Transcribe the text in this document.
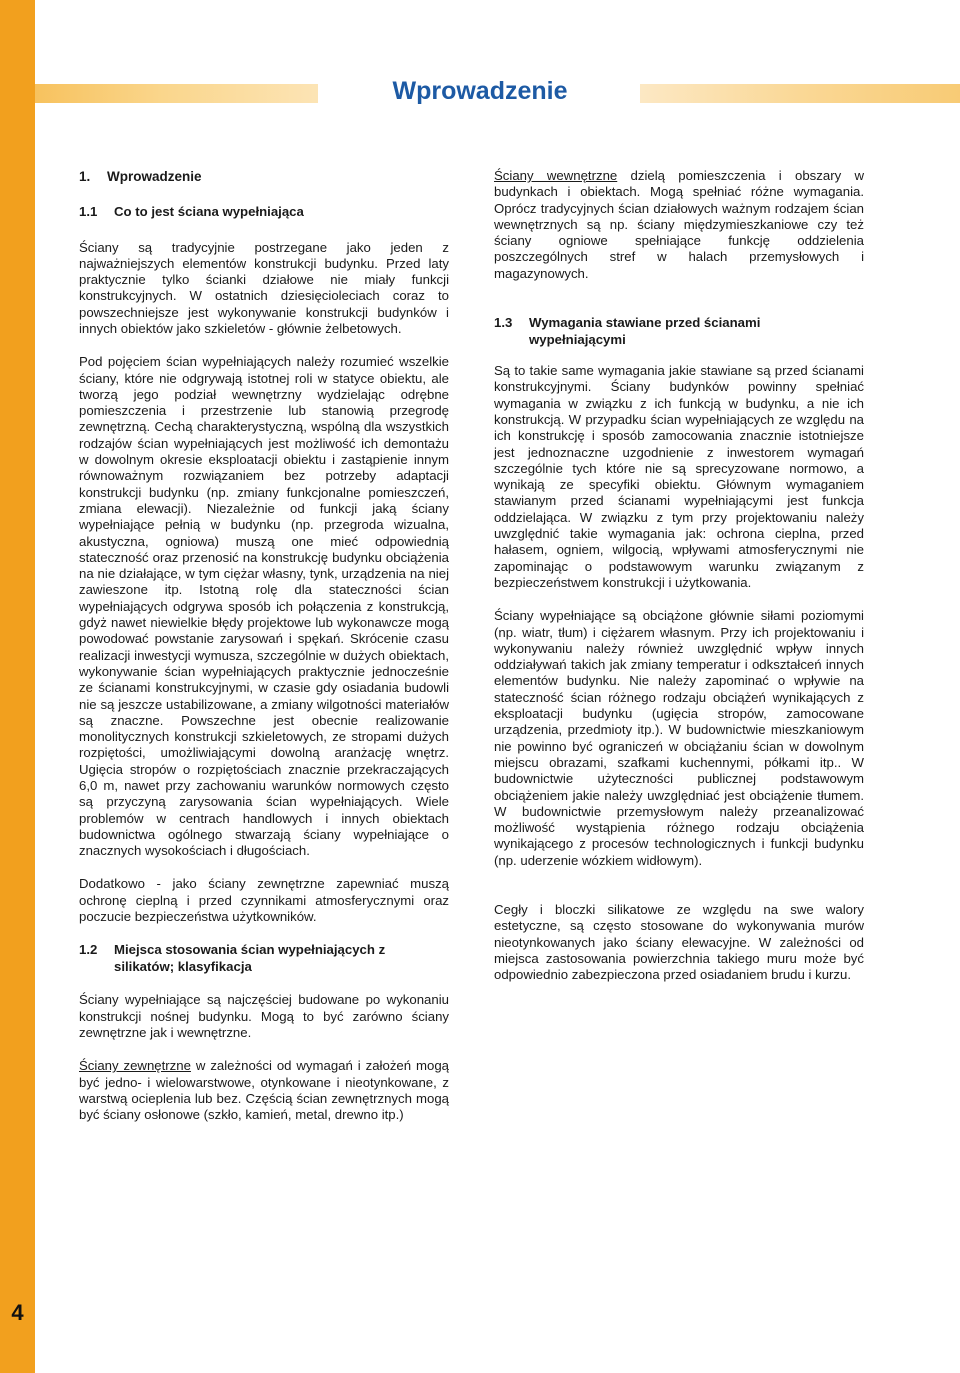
4
Wprowadzenie
1. Wprowadzenie
1.1 Co to jest ściana wypełniająca

Ściany są tradycyjnie postrzegane jako jeden z najważniejszych elementów konstrukcji budynku. Przed laty praktycznie tylko ścianki działowe nie miały funkcji konstrukcyjnych. W ostatnich dziesięcioleciach coraz to powszechniejsze jest wykonywanie konstrukcji budynków i innych obiektów jako szkieletów - głównie żelbetowych.

Pod pojęciem ścian wypełniających należy rozumieć wszelkie ściany, które nie odgrywają istotnej roli w statyce obiektu, ale tworzą jego podział wewnętrzny wydzielając odrębne pomieszczenia i przestrzenie lub stanowią przegrodę zewnętrzną. Cechą charakterystyczną, wspólną dla wszystkich rodzajów ścian wypełniających jest możliwość ich demontażu w dowolnym okresie eksploatacji obiektu i zastąpienie innym równoważnym rozwiązaniem bez potrzeby adaptacji konstrukcji budynku (np. zmiany funkcjonalne pomieszczeń, zmiana elewacji). Niezależnie od funkcji jaką ściany wypełniające pełnią w budynku (np. przegroda wizualna, akustyczna, ogniowa) muszą one mieć odpowiednią stateczność oraz przenosić na konstrukcję budynku obciążenia na nie działające, w tym ciężar własny, tynk, urządzenia na niej zawieszone itp. Istotną rolę dla stateczności ścian wypełniających odgrywa sposób ich połączenia z konstrukcją, gdyż nawet niewielkie błędy projektowe lub wykonawcze mogą powodować powstanie zarysowań i spękań. Skrócenie czasu realizacji inwestycji wymusza, szczególnie w dużych obiektach, wykonywanie ścian wypełniających praktycznie jednocześnie ze ścianami konstrukcyjnymi, w czasie gdy osiadania budowli nie są jeszcze ustabilizowane, a zmiany wilgotności materiałów są znaczne. Powszechne jest obecnie realizowanie monolitycznych konstrukcji szkieletowych, ze stropami dużych rozpiętości, umożliwiającymi dowolną aranżację wnętrz. Ugięcia stropów o rozpiętościach znacznie przekraczających 6,0 m, nawet przy zachowaniu warunków normowych często są przyczyną zarysowania ścian wypełniających. Wiele problemów w centrach handlowych i innych obiektach budownictwa ogólnego stwarzają ściany wypełniające o znacznych wysokościach i długościach.

Dodatkowo - jako ściany zewnętrzne zapewniać muszą ochronę cieplną i przed czynnikami atmosferycznymi oraz poczucie bezpieczeństwa użytkowników.

1.2 Miejsca stosowania ścian wypełniających z
silikatów; klasyfikacja

Ściany wypełniające są najczęściej budowane po wykonaniu konstrukcji nośnej budynku. Mogą to być zarówno ściany zewnętrzne jak i wewnętrzne.

Ściany zewnętrzne w zależności od wymagań i założeń mogą być jedno- i wielowarstwowe, otynkowane i nieotynkowane, z warstwą ocieplenia lub bez. Częścią ścian zewnętrznych mogą być ściany osłonowe (szkło, kamień, metal, drewno itp.)

Ściany wewnętrzne dzielą pomieszczenia i obszary w budynkach i obiektach. Mogą spełniać różne wymagania. Oprócz tradycyjnych ścian działowych ważnym rodzajem ścian wewnętrznych są np. ściany międzymieszkaniowe czy też ściany ogniowe spełniające funkcję oddzielenia poszczególnych stref w halach przemysłowych i magazynowych.

1.3 Wymagania stawiane przed ścianami
wypełniającymi

Są to takie same wymagania jakie stawiane są przed ścianami konstrukcyjnymi. Ściany budynków powinny spełniać wymagania w związku z ich funkcją w budynku, a nie ich konstrukcją. W przypadku ścian wypełniających ze względu na ich konstrukcję i sposób zamocowania znacznie istotniejsze jest jednoznaczne uzgodnienie z inwestorem wymagań szczególnie tych które nie są sprecyzowane normowo, a wynikają ze specyfiki obiektu. Głównym wymaganiem stawianym przed ścianami wypełniającymi jest funkcja oddzielająca. W związku z tym przy projektowaniu należy uwzględnić takie wymagania jak: ochrona cieplna, przed hałasem, ogniem, wilgocią, wpływami atmosferycznymi nie zapominając o podstawowym warunku związanym z bezpieczeństwem konstrukcji i użytkowania.

Ściany wypełniające są obciążone głównie siłami poziomymi (np. wiatr, tłum) i ciężarem własnym. Przy ich projektowaniu i wykonywaniu należy również uwzględnić wpływ innych oddziaływań takich jak zmiany temperatur i odkształceń innych elementów budynku. Nie należy zapominać o wpływie na stateczność ścian różnego rodzaju obciążeń wynikających z eksploatacji budynku (ugięcia stropów, zamocowane urządzenia, przedmioty itp.). W budownictwie mieszkaniowym nie powinno być ograniczeń w obciążaniu ścian w dowolnym miejscu obrazami, szafkami kuchennymi, półkami itp.. W budownictwie użyteczności publicznej podstawowym obciążeniem jakie należy uwzględniać jest obciążenie tłumem. W budownictwie przemysłowym należy przeanalizować możliwość wystąpienia różnego rodzaju obciążenia wynikającego z procesów technologicznych i funkcji budynku (np. uderzenie wózkiem widłowym).

Cegły i bloczki silikatowe ze względu na swe walory estetyczne, są często stosowane do wykonywania murów nieotynkowanych jako ściany elewacyjne. W zależności od miejsca zastosowania powierzchnia takiego muru może być odpowiednio zabezpieczona przed osiadaniem brudu i kurzu.
